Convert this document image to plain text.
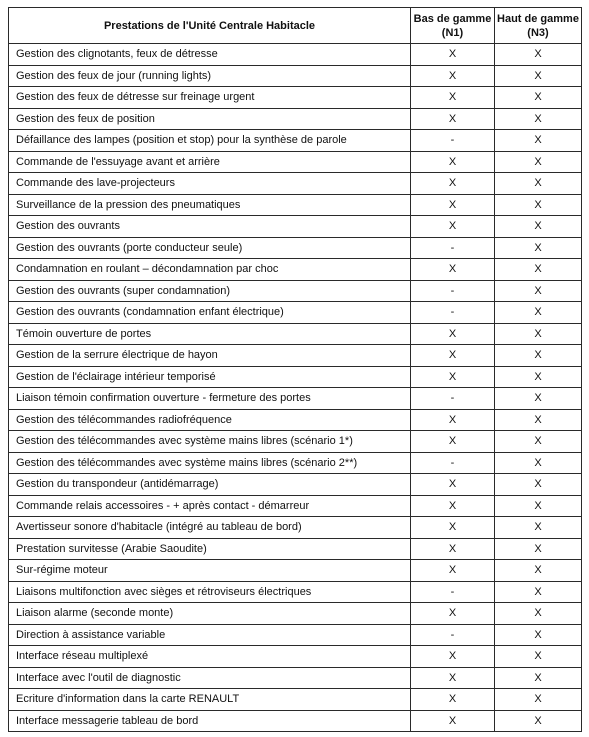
Prestations de l'Unité Centrale Habitacle	Bas de gamme (N1)	Haut de gamme (N3)
Gestion des clignotants, feux de détresse	X	X
Gestion des feux de jour (running lights)	X	X
Gestion des feux de détresse sur freinage urgent	X	X
Gestion des feux de position	X	X
Défaillance des lampes (position et stop) pour la synthèse de parole	-	X
Commande de l'essuyage avant et arrière	X	X
Commande des lave-projecteurs	X	X
Surveillance de la pression des pneumatiques	X	X
Gestion des ouvrants	X	X
Gestion des ouvrants (porte conducteur seule)	-	X
Condamnation en roulant – décondamnation par choc	X	X
Gestion des ouvrants (super condamnation)	-	X
Gestion des ouvrants (condamnation enfant électrique)	-	X
Témoin ouverture de portes	X	X
Gestion de la serrure électrique de hayon	X	X
Gestion de l'éclairage intérieur temporisé	X	X
Liaison témoin confirmation ouverture - fermeture des portes	-	X
Gestion des télécommandes radiofréquence	X	X
Gestion des télécommandes avec système mains libres (scénario 1*)	X	X
Gestion des télécommandes avec système mains libres (scénario 2**)	-	X
Gestion du transpondeur (antidémarrage)	X	X
Commande relais accessoires - + après contact - démarreur	X	X
Avertisseur sonore d'habitacle (intégré au tableau de bord)	X	X
Prestation survitesse (Arabie Saoudite)	X	X
Sur-régime moteur	X	X
Liaisons multifonction avec sièges et rétroviseurs électriques	-	X
Liaison alarme (seconde monte)	X	X
Direction à assistance variable	-	X
Interface réseau multiplexé	X	X
Interface avec l'outil de diagnostic	X	X
Ecriture d'information dans la carte RENAULT	X	X
Interface messagerie tableau de bord	X	X
